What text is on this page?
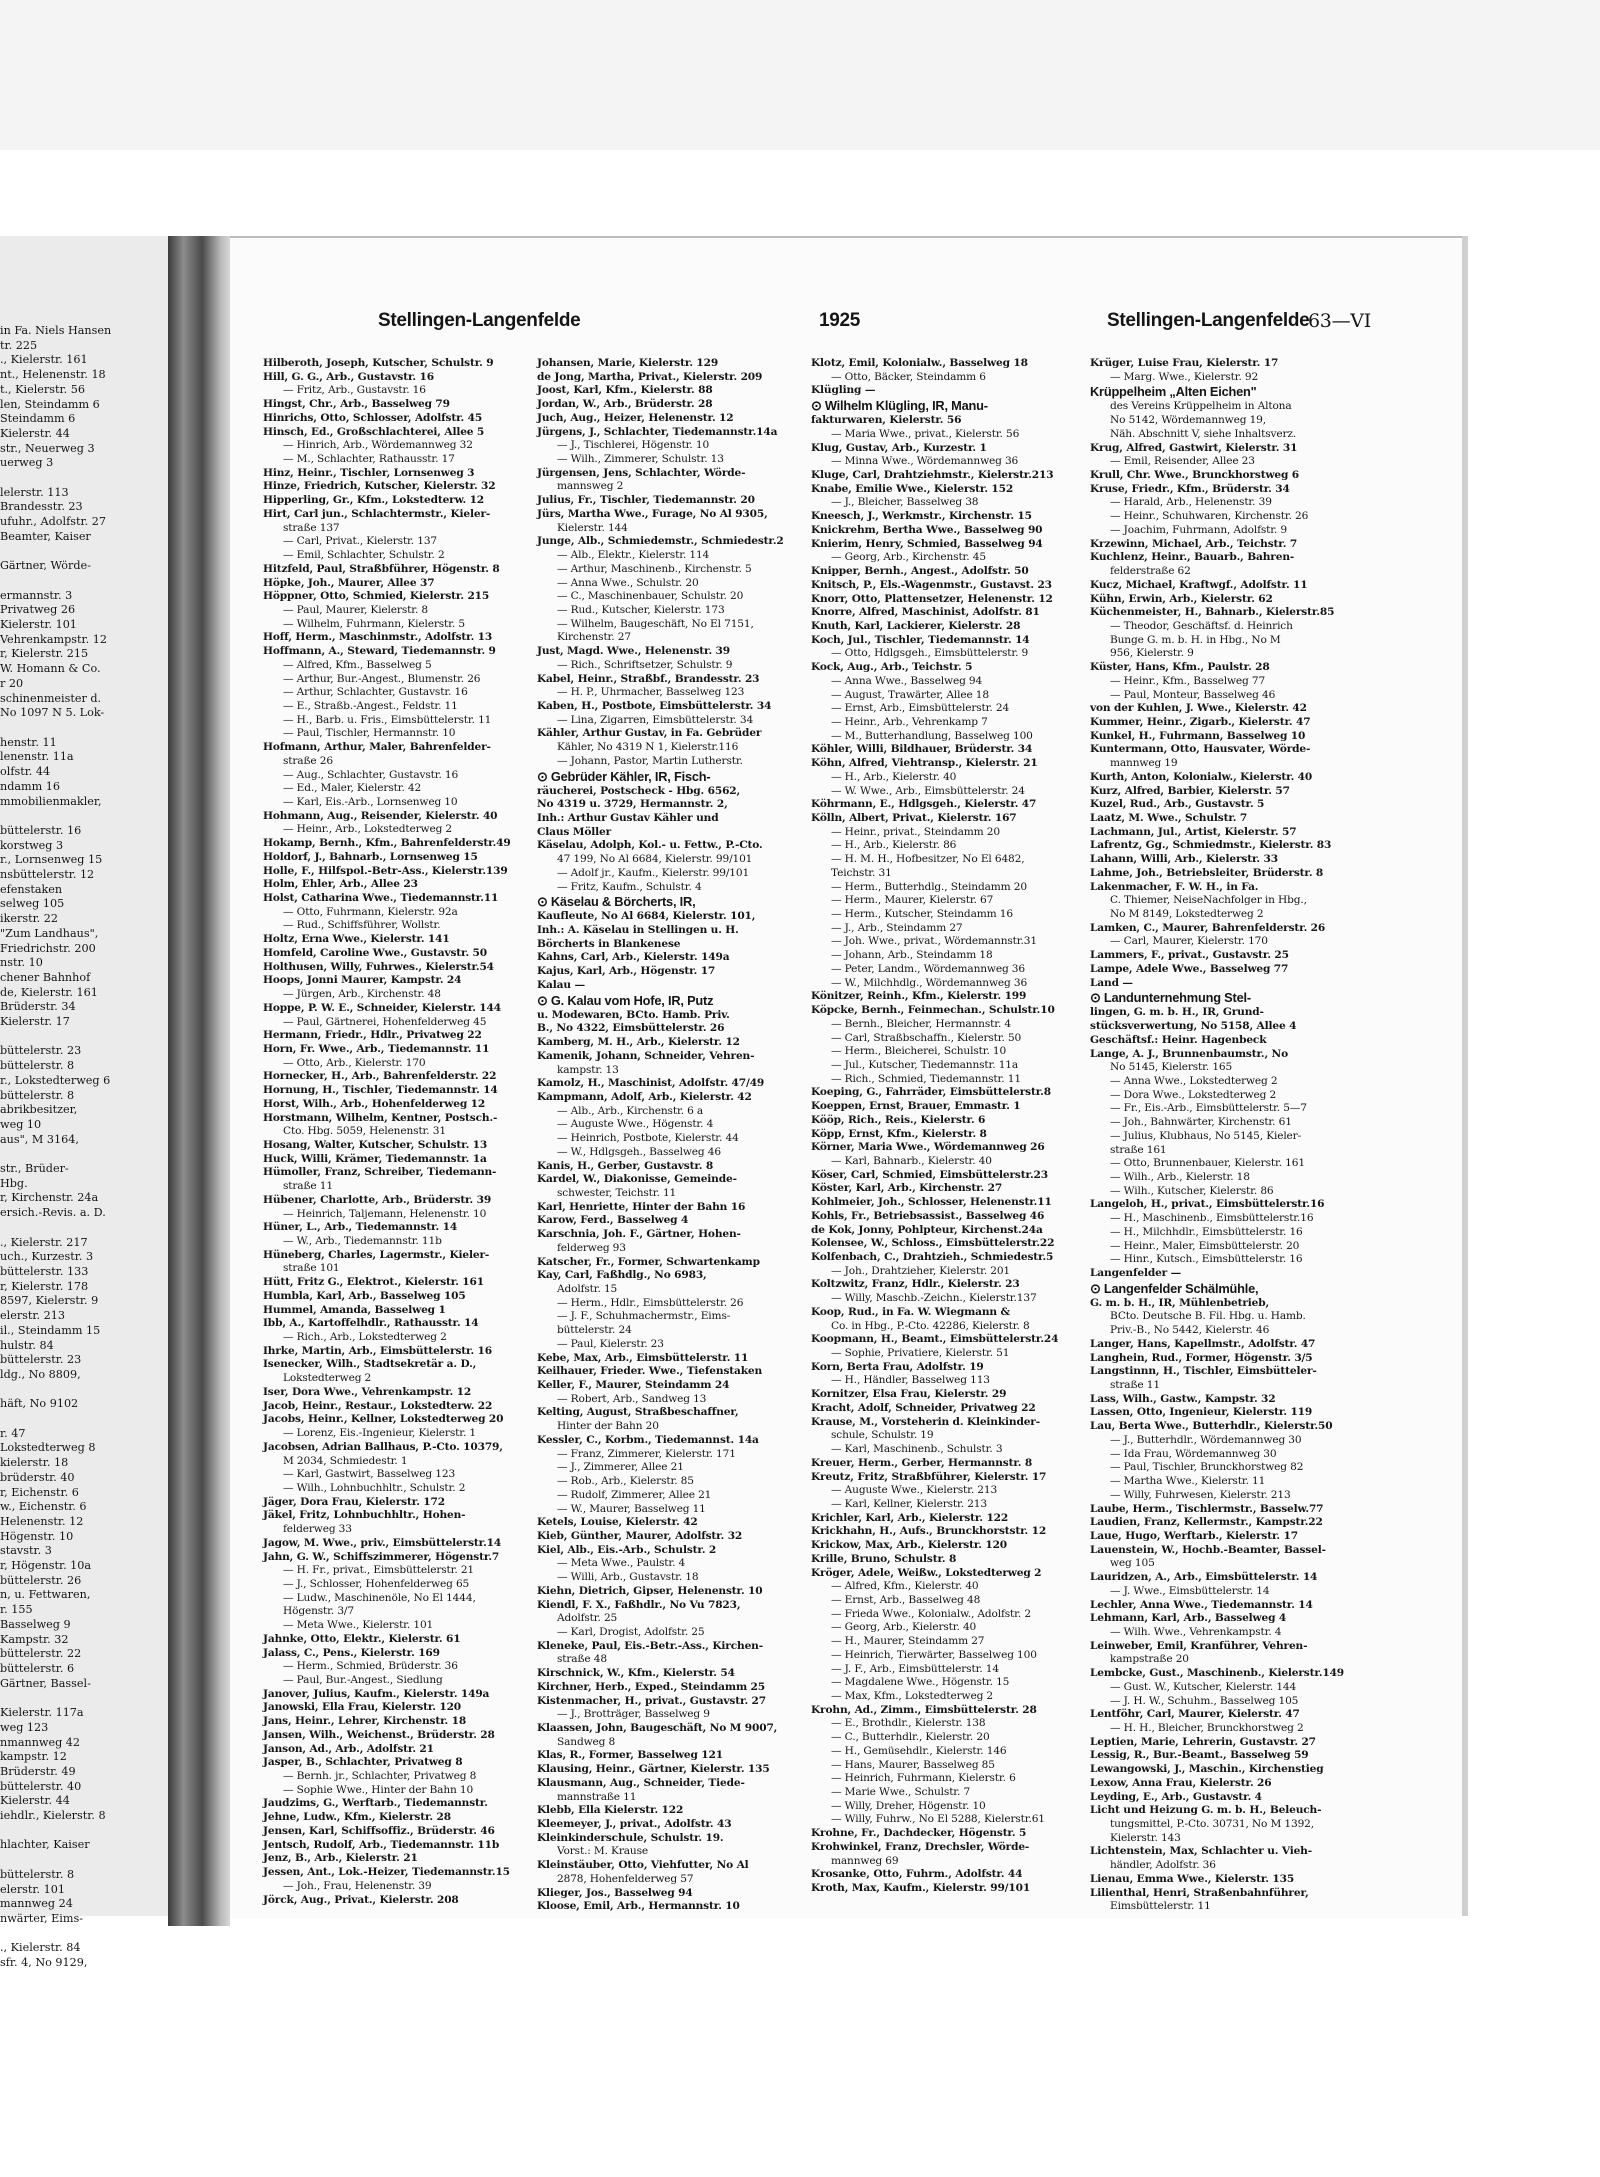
in Fa. Niels Hansen
tr. 225
., Kielerstr. 161
nt., Helenenstr. 18
t., Kielerstr. 56
len, Steindamm 6
Steindamm 6
Kielerstr. 44
str., Neuerweg 3
uerweg 3

lelerstr. 113
Brandesstr. 23
ufuhr., Adolfstr. 27
Beamter, Kaiser

Gärtner, Wörde-

ermannstr. 3
Privatweg 26
Kielerstr. 101
Vehrenkampstr. 12
r, Kielerstr. 215
W. Homann & Co.
r 20
schinenmeister d.
No 1097 N 5. Lok-

henstr. 11
lenenstr. 11a
olfstr. 44
ndamm 16
mmobilienmakler,

büttelerstr. 16
korstweg 3
r., Lornsenweg 15
nsbüttelerstr. 12
efenstaken
selweg 105
ikerstr. 22
"Zum Landhaus",
Friedrichstr. 200
nstr. 10
chener Bahnhof
de, Kielerstr. 161
Brüderstr. 34
Kielerstr. 17

büttelerstr. 23
büttelerstr. 8
r., Lokstedterweg 6
büttelerstr. 8
abrikbesitzer,
weg 10
aus", M 3164,

str., Brüder-
Hbg.
r, Kirchenstr. 24a
ersich.-Revis. a. D.

., Kielerstr. 217
uch., Kurzestr. 3
büttelerstr. 133
r, Kielerstr. 178
8597, Kielerstr. 9
elerstr. 213
il., Steindamm 15
hulstr. 84
büttelerstr. 23
ldg., Nо 8809,

häft, No 9102

r. 47
Lokstedterweg 8
kielerstr. 18
brüderstr. 40
r, Eichenstr. 6
w., Eichenstr. 6
Helenenstr. 12
Högenstr. 10
stavstr. 3
r, Högenstr. 10a
büttelerstr. 26
n, u. Fettwaren,
r. 155
Basselweg 9
Kampstr. 32
büttelerstr. 22
büttelerstr. 6
Gärtner, Bassel-

Kielerstr. 117a
weg 123
nmannweg 42
kampstr. 12
Brüderstr. 49
büttelerstr. 40
Kielerstr. 44
iehdlr., Kielerstr. 8

hlachter, Kaiser

büttelerstr. 8
elerstr. 101
mannweg 24
nwärter, Eims-

., Kielerstr. 84
sfr. 4, No 9129,
Stellingen-Langenfelde	1925	Stellingen-Langenfelde
63—VI
Hilberoth, Joseph, Kutscher, Schulstr. 9
Hill, G. G., Arb., Gustavstr. 16
— Fritz, Arb., Gustavstr. 16
Hingst, Chr., Arb., Basselweg 79
Hinrichs, Otto, Schlosser, Adolfstr. 45
Hinsch, Ed., Großschlachterei, Allee 5
— Hinrich, Arb., Wördemannweg 32
— M., Schlachter, Rathausstr. 17
Hinz, Heinr., Tischler, Lornsenweg 3
Hinze, Friedrich, Kutscher, Kielerstr. 32
Hipperling, Gr., Kfm., Lokstedterw. 12
Hirt, Carl jun., Schlachtermstr., Kieler-
straße 137
— Carl, Privat., Kielerstr. 137
— Emil, Schlachter, Schulstr. 2
Hitzfeld, Paul, Straßbführer, Högenstr. 8
Höpke, Joh., Maurer, Allee 37
Höppner, Otto, Schmied, Kielerstr. 215
— Paul, Maurer, Kielerstr. 8
— Wilhelm, Fuhrmann, Kielerstr. 5
Hoff, Herm., Maschinmstr., Adolfstr. 13
Hoffmann, A., Steward, Tiedemannstr. 9
— Alfred, Kfm., Basselweg 5
— Arthur, Bur.-Angest., Blumenstr. 26
— Arthur, Schlachter, Gustavstr. 16
— E., Straßb.-Angest., Feldstr. 11
— H., Barb. u. Fris., Eimsbüttelerstr. 11
— Paul, Tischler, Hermannstr. 10
Hofmann, Arthur, Maler, Bahrenfelder-
straße 26
— Aug., Schlachter, Gustavstr. 16
— Ed., Maler, Kielerstr. 42
— Karl, Eis.-Arb., Lornsenweg 10
Hohmann, Aug., Reisender, Kielerstr. 40
— Heinr., Arb., Lokstedterweg 2
Hokamp, Bernh., Kfm., Bahrenfelderstr.49
Holdorf, J., Bahnarb., Lornsenweg 15
Holle, F., Hilfspol.-Betr-Ass., Kielerstr.139
Holm, Ehler, Arb., Allee 23
Holst, Catharina Wwe., Tiedemannstr.11
— Otto, Fuhrmann, Kielerstr. 92a
— Rud., Schiffsführer, Wollstr.
Holtz, Erna Wwe., Kielerstr. 141
Homfeld, Caroline Wwe., Gustavstr. 50
Holthusen, Willy, Fuhrwes., Kielerstr.54
Hoops, Jonni Maurer, Kampstr. 24
— Jürgen, Arb., Kirchenstr. 48
Hoppe, P. W. E., Schneider, Kielerstr. 144
— Paul, Gärtnerei, Hohenfelderweg 45
Hermann, Friedr., Hdlr., Privatweg 22
Horn, Fr. Wwe., Arb., Tiedemannstr. 11
— Otto, Arb., Kielerstr. 170
Hornecker, H., Arb., Bahrenfelderstr. 22
Hornung, H., Tischler, Tiedemannstr. 14
Horst, Wilh., Arb., Hohenfelderweg 12
Horstmann, Wilhelm, Kentner, Postsch.-
Cto. Hbg. 5059, Helenenstr. 31
Hosang, Walter, Kutscher, Schulstr. 13
Huck, Willi, Krämer, Tiedemannstr. 1a
Hümoller, Franz, Schreiber, Tiedemann-
straße 11
Hübener, Charlotte, Arb., Brüderstr. 39
— Heinrich, Taljemann, Helenenstr. 10
Hüner, L., Arb., Tiedemannstr. 14
— W., Arb., Tiedemannstr. 11b
Hüneberg, Charles, Lagermstr., Kieler-
straße 101
Hütt, Fritz G., Elektrot., Kielerstr. 161
Humbla, Karl, Arb., Basselweg 105
Hummel, Amanda, Basselweg 1
Ibb, A., Kartoffelhdlr., Rathausstr. 14
— Rich., Arb., Lokstedterweg 2
Ihrke, Martin, Arb., Eimsbüttelerstr. 16
Isenecker, Wilh., Stadtsekretär a. D.,
Lokstedterweg 2
Iser, Dora Wwe., Vehrenkampstr. 12
Jacob, Heinr., Restaur., Lokstedterw. 22
Jacobs, Heinr., Kellner, Lokstedterweg 20
— Lorenz, Eis.-Ingenieur, Kielerstr. 1
Jacobsen, Adrian Ballhaus, P.-Cto. 10379,
M 2034, Schmiedestr. 1
— Karl, Gastwirt, Basselweg 123
— Wilh., Lohnbuchhltr., Schulstr. 2
Jäger, Dora Frau, Kielerstr. 172
Jäkel, Fritz, Lohnbuchhltr., Hohen-
felderweg 33
Jagow, M. Wwe., priv., Eimsbüttelerstr.14
Jahn, G. W., Schiffszimmerer, Högenstr.7
— H. Fr., privat., Eimsbüttelerstr. 21
— J., Schlosser, Hohenfelderweg 65
— Ludw., Maschinenöle, No El 1444,
Högenstr. 3/7
— Meta Wwe., Kielerstr. 101
Jahnke, Otto, Elektr., Kielerstr. 61
Jalass, C., Pens., Kielerstr. 169
— Herm., Schmied, Brüderstr. 36
— Paul, Bur.-Angest., Siedlung
Janover, Julius, Kaufm., Kielerstr. 149a
Janowski, Ella Frau, Kielerstr. 120
Jans, Heinr., Lehrer, Kirchenstr. 18
Jansen, Wilh., Weichenst., Brüderstr. 28
Janson, Ad., Arb., Adolfstr. 21
Jasper, B., Schlachter, Privatweg 8
— Bernh. jr., Schlachter, Privatweg 8
— Sophie Wwe., Hinter der Bahn 10
Jaudzims, G., Werftarb., Tiedemannstr.
Jehne, Ludw., Kfm., Kielerstr. 28
Jensen, Karl, Schiffsoffiz., Brüderstr. 46
Jentsch, Rudolf, Arb., Tiedemannstr. 11b
Jenz, B., Arb., Kielerstr. 21
Jessen, Ant., Lok.-Heizer, Tiedemannstr.15
— Joh., Frau, Helenenstr. 39
Jörck, Aug., Privat., Kielerstr. 208
Johansen, Marie, Kielerstr. 129
de Jong, Martha, Privat., Kielerstr. 209
Joost, Karl, Kfm., Kielerstr. 88
Jordan, W., Arb., Brüderstr. 28
Juch, Aug., Heizer, Helenenstr. 12
Jürgens, J., Schlachter, Tiedemannstr.14a
— J., Tischlerei, Högenstr. 10
— Wilh., Zimmerer, Schulstr. 13
Jürgensen, Jens, Schlachter, Wörde-
mannsweg 2
Julius, Fr., Tischler, Tiedemannstr. 20
Jürs, Martha Wwe., Furage, No Al 9305,
Kielerstr. 144
Junge, Alb., Schmiedemstr., Schmiedestr.2
— Alb., Elektr., Kielerstr. 114
— Arthur, Maschinenb., Kirchenstr. 5
— Anna Wwe., Schulstr. 20
— C., Maschinenbauer, Schulstr. 20
— Rud., Kutscher, Kielerstr. 173
— Wilhelm, Baugeschäft, No El 7151,
Kirchenstr. 27
Just, Magd. Wwe., Helenenstr. 39
— Rich., Schriftsetzer, Schulstr. 9
Kabel, Heinr., Straßbf., Brandesstr. 23
— H. P., Uhrmacher, Basselweg 123
Kaben, H., Postbote, Eimsbüttelerstr. 34
— Lina, Zigarren, Eimsbüttelerstr. 34
Kähler, Arthur Gustav, in Fa. Gebrüder
Kähler, No 4319 N 1, Kielerstr.116
— Johann, Pastor, Martin Lutherstr.
⊙ Gebrüder Kähler, IR, Fisch-
räucherei, Postscheck - Hbg. 6562,
No 4319 u. 3729, Hermannstr. 2,
Inh.: Arthur Gustav Kähler und
Claus Möller
Käselau, Adolph, Kol.- u. Fettw., P.-Cto.
47 199, No Al 6684, Kielerstr. 99/101
— Adolf jr., Kaufm., Kielerstr. 99/101
— Fritz, Kaufm., Schulstr. 4
⊙ Käselau & Börcherts, IR,
Kaufleute, No Al 6684, Kielerstr. 101,
Inh.: A. Käselau in Stellingen u. H.
Börcherts in Blankenese
Kahns, Carl, Arb., Kielerstr. 149a
Kajus, Karl, Arb., Högenstr. 17
Kalau —
⊙ G. Kalau vom Hofe, IR, Putz
u. Modewaren, BCto. Hamb. Priv.
B., No 4322, Eimsbüttelerstr. 26
Kamberg, M. H., Arb., Kielerstr. 12
Kamenik, Johann, Schneider, Vehren-
kampstr. 13
Kamolz, H., Maschinist, Adolfstr. 47/49
Kampmann, Adolf, Arb., Kielerstr. 42
— Alb., Arb., Kirchenstr. 6 a
— Auguste Wwe., Högenstr. 4
— Heinrich, Postbote, Kielerstr. 44
— W., Hdlgsgeh., Basselweg 46
Kanis, H., Gerber, Gustavstr. 8
Kardel, W., Diakonisse, Gemeinde-
schwester, Teichstr. 11
Karl, Henriette, Hinter der Bahn 16
Karow, Ferd., Basselweg 4
Karschnia, Joh. F., Gärtner, Hohen-
felderweg 93
Katscher, Fr., Former, Schwartenkamp
Kay, Carl, Faßhdlg., No 6983,
Adolfstr. 15
— Herm., Hdlr., Eimsbüttelerstr. 26
— J. F., Schuhmachermstr., Eims-
büttelerstr. 24
— Paul, Kielerstr. 23
Kebe, Max, Arb., Eimsbüttelerstr. 11
Keilhauer, Frieder. Wwe., Tiefenstaken
Keller, F., Maurer, Steindamm 24
— Robert, Arb., Sandweg 13
Kelting, August, Straßbeschaffner,
Hinter der Bahn 20
Kessler, C., Korbm., Tiedemannst. 14a
— Franz, Zimmerer, Kielerstr. 171
— J., Zimmerer, Allee 21
— Rob., Arb., Kielerstr. 85
— Rudolf, Zimmerer, Allee 21
— W., Maurer, Basselweg 11
Ketels, Louise, Kielerstr. 42
Kieb, Günther, Maurer, Adolfstr. 32
Kiel, Alb., Eis.-Arb., Schulstr. 2
— Meta Wwe., Paulstr. 4
— Willi, Arb., Gustavstr. 18
Kiehn, Dietrich, Gipser, Helenenstr. 10
Kiendl, F. X., Faßhdlr., No Vu 7823,
Adolfstr. 25
— Karl, Drogist, Adolfstr. 25
Kleneke, Paul, Eis.-Betr.-Ass., Kirchen-
straße 48
Kirschnick, W., Kfm., Kielerstr. 54
Kirchner, Herb., Exped., Steindamm 25
Kistenmacher, H., privat., Gustavstr. 27
— J., Brotträger, Basselweg 9
Klaassen, John, Baugeschäft, No M 9007,
Sandweg 8
Klas, R., Former, Basselweg 121
Klausing, Heinr., Gärtner, Kielerstr. 135
Klausmann, Aug., Schneider, Tiede-
mannstraße 11
Klebb, Ella Kielerstr. 122
Kleemeyer, J., privat., Adolfstr. 43
Kleinkinderschule, Schulstr. 19.
Vorst.: M. Krause
Kleinstäuber, Otto, Viehfutter, No Al
2878, Hohenfelderweg 57
Klieger, Jos., Basselweg 94
Kloose, Emil, Arb., Hermannstr. 10
Klotz, Emil, Kolonialw., Basselweg 18
— Otto, Bäcker, Steindamm 6
Klügling —
⊙ Wilhelm Klügling, IR, Manu-
fakturwaren, Kielerstr. 56
— Maria Wwe., privat., Kielerstr. 56
Klug, Gustav, Arb., Kurzestr. 1
— Minna Wwe., Wördemannweg 36
Kluge, Carl, Drahtziehmstr., Kielerstr.213
Knabe, Emilie Wwe., Kielerstr. 152
— J., Bleicher, Basselweg 38
Kneesch, J., Werkmstr., Kirchenstr. 15
Knickrehm, Bertha Wwe., Basselweg 90
Knierim, Henry, Schmied, Basselweg 94
— Georg, Arb., Kirchenstr. 45
Knipper, Bernh., Angest., Adolfstr. 50
Knitsch, P., Els.-Wagenmstr., Gustavst. 23
Knorr, Otto, Plattensetzer, Helenenstr. 12
Knorre, Alfred, Maschinist, Adolfstr. 81
Knuth, Karl, Lackierer, Kielerstr. 28
Koch, Jul., Tischler, Tiedemannstr. 14
— Otto, Hdlgsgeh., Eimsbüttelerstr. 9
Kock, Aug., Arb., Teichstr. 5
— Anna Wwe., Basselweg 94
— August, Trawärter, Allee 18
— Ernst, Arb., Eimsbüttelerstr. 24
— Heinr., Arb., Vehrenkamp 7
— M., Butterhandlung, Basselweg 100
Köhler, Willi, Bildhauer, Brüderstr. 34
Köhn, Alfred, Viehtransp., Kielerstr. 21
— H., Arb., Kielerstr. 40
— W. Wwe., Arb., Eimsbüttelerstr. 24
Köhrmann, E., Hdlgsgeh., Kielerstr. 47
Kölln, Albert, Privat., Kielerstr. 167
— Heinr., privat., Steindamm 20
— H., Arb., Kielerstr. 86
— H. M. H., Hofbesitzer, No El 6482,
Teichstr. 31
— Herm., Butterhdlg., Steindamm 20
— Herm., Maurer, Kielerstr. 67
— Herm., Kutscher, Steindamm 16
— J., Arb., Steindamm 27
— Joh. Wwe., privat., Wördemannstr.31
— Johann, Arb., Steindamm 18
— Peter, Landm., Wördemannweg 36
— W., Milchhdlg., Wördemannweg 36
Könitzer, Reinh., Kfm., Kielerstr. 199
Köpcke, Bernh., Feinmechan., Schulstr.10
— Bernh., Bleicher, Hermannstr. 4
— Carl, Straßbschaffn., Kielerstr. 50
— Herm., Bleicherei, Schulstr. 10
— Jul., Kutscher, Tiedemannstr. 11a
— Rich., Schmied, Tiedemannstr. 11
Koeping, G., Fahrräder, Eimsbüttelerstr.8
Koeppen, Ernst, Brauer, Emmastr. 1
Kööp, Rich., Reis., Kielerstr. 6
Köpp, Ernst, Kfm., Kielerstr. 8
Körner, Maria Wwe., Wördemannweg 26
— Karl, Bahnarb., Kielerstr. 40
Köser, Carl, Schmied, Eimsbüttelerstr.23
Köster, Karl, Arb., Kirchenstr. 27
Kohlmeier, Joh., Schlosser, Helenenstr.11
Kohls, Fr., Betriebsassist., Basselweg 46
de Kok, Jonny, Pohlpteur, Kirchenst.24a
Kolensee, W., Schloss., Eimsbüttelerstr.22
Kolfenbach, C., Drahtzieh., Schmiedestr.5
— Joh., Drahtzieher, Kielerstr. 201
Koltzwitz, Franz, Hdlr., Kielerstr. 23
— Willy, Maschb.-Zeichn., Kielerstr.137
Koop, Rud., in Fa. W. Wiegmann &
Co. in Hbg., P.-Cto. 42286, Kielerstr. 8
Koopmann, H., Beamt., Eimsbüttelerstr.24
— Sophie, Privatiere, Kielerstr. 51
Korn, Berta Frau, Adolfstr. 19
— H., Händler, Basselweg 113
Kornitzer, Elsa Frau, Kielerstr. 29
Kracht, Adolf, Schneider, Privatweg 22
Krause, M., Vorsteherin d. Kleinkinder-
schule, Schulstr. 19
— Karl, Maschinenb., Schulstr. 3
Kreuer, Herm., Gerber, Hermannstr. 8
Kreutz, Fritz, Straßbführer, Kielerstr. 17
— Auguste Wwe., Kielerstr. 213
— Karl, Kellner, Kielerstr. 213
Krichler, Karl, Arb., Kielerstr. 122
Krickhahn, H., Aufs., Brunckhorststr. 12
Krickow, Max, Arb., Kielerstr. 120
Krille, Bruno, Schulstr. 8
Kröger, Adele, Weißw., Lokstedterweg 2
— Alfred, Kfm., Kielerstr. 40
— Ernst, Arb., Basselweg 48
— Frieda Wwe., Kolonialw., Adolfstr. 2
— Georg, Arb., Kielerstr. 40
— H., Maurer, Steindamm 27
— Heinrich, Tierwärter, Basselweg 100
— J. F., Arb., Eimsbüttelerstr. 14
— Magdalene Wwe., Högenstr. 15
— Max, Kfm., Lokstedterweg 2
Krohn, Ad., Zimm., Eimsbüttelerstr. 28
— E., Brothdlr., Kielerstr. 138
— C., Butterhdlr., Kielerstr. 20
— H., Gemüsehdlr., Kielerstr. 146
— Hans, Maurer, Basselweg 85
— Heinrich, Fuhrmann, Kielerstr. 6
— Marie Wwe., Schulstr. 7
— Willy, Dreher, Högenstr. 10
— Willy, Fuhrw., No El 5288, Kielerstr.61
Krohne, Fr., Dachdecker, Högenstr. 5
Krohwinkel, Franz, Drechsler, Wörde-
mannweg 69
Krosanke, Otto, Fuhrm., Adolfstr. 44
Kroth, Max, Kaufm., Kielerstr. 99/101
Krüger, Luise Frau, Kielerstr. 17
— Marg. Wwe., Kielerstr. 92
Krüppelheim „Alten Eichen"
des Vereins Krüppelheim in Altona
No 5142, Wördemannweg 19,
Näh. Abschnitt V, siehe Inhaltsverz.
Krug, Alfred, Gastwirt, Kielerstr. 31
— Emil, Reisender, Allee 23
Krull, Chr. Wwe., Brunckhorstweg 6
Kruse, Friedr., Kfm., Brüderstr. 34
— Harald, Arb., Helenenstr. 39
— Heinr., Schuhwaren, Kirchenstr. 26
— Joachim, Fuhrmann, Adolfstr. 9
Krzewinn, Michael, Arb., Teichstr. 7
Kuchlenz, Heinr., Bauarb., Bahren-
felderstraße 62
Kucz, Michael, Kraftwgf., Adolfstr. 11
Kühn, Erwin, Arb., Kielerstr. 62
Küchenmeister, H., Bahnarb., Kielerstr.85
— Theodor, Geschäftsf. d. Heinrich
Bunge G. m. b. H. in Hbg., No M
956, Kielerstr. 9
Küster, Hans, Kfm., Paulstr. 28
— Heinr., Kfm., Basselweg 77
— Paul, Monteur, Basselweg 46
von der Kuhlen, J. Wwe., Kielerstr. 42
Kummer, Heinr., Zigarb., Kielerstr. 47
Kunkel, H., Fuhrmann, Basselweg 10
Kuntermann, Otto, Hausvater, Wörde-
mannweg 19
Kurth, Anton, Kolonialw., Kielerstr. 40
Kurz, Alfred, Barbier, Kielerstr. 57
Kuzel, Rud., Arb., Gustavstr. 5
Laatz, M. Wwe., Schulstr. 7
Lachmann, Jul., Artist, Kielerstr. 57
Lafrentz, Gg., Schmiedmstr., Kielerstr. 83
Lahann, Willi, Arb., Kielerstr. 33
Lahme, Joh., Betriebsleiter, Brüderstr. 8
Lakenmacher, F. W. H., in Fa.
C. Thiemer, NeiseNachfolger in Hbg.,
No M 8149, Lokstedterweg 2
Lamken, C., Maurer, Bahrenfelderstr. 26
— Carl, Maurer, Kielerstr. 170
Lammers, F., privat., Gustavstr. 25
Lampe, Adele Wwe., Basselweg 77
Land —
⊙ Landunternehmung Stel-
lingen, G. m. b. H., IR, Grund-
stücksverwertung, No 5158, Allee 4
Geschäftsf.: Heinr. Hagenbeck
Lange, A. J., Brunnenbaumstr., No
No 5145, Kielerstr. 165
— Anna Wwe., Lokstedterweg 2
— Dora Wwe., Lokstedterweg 2
— Fr., Eis.-Arb., Eimsbüttelerstr. 5—7
— Joh., Bahnwärter, Kirchenstr. 61
— Julius, Klubhaus, No 5145, Kieler-
straße 161
— Otto, Brunnenbauer, Kielerstr. 161
— Wilh., Arb., Kielerstr. 18
— Wilh., Kutscher, Kielerstr. 86
Langeloh, H., privat., Eimsbüttelerstr.16
— H., Maschinenb., Eimsbüttelerstr.16
— H., Milchhdlr., Eimsbüttelerstr. 16
— Heinr., Maler, Eimsbüttelerstr. 20
— Hinr., Kutsch., Eimsbüttelerstr. 16
Langenfelder —
⊙ Langenfelder Schälmühle,
G. m. b. H., IR, Mühlenbetrieb,
BCto. Deutsche B. Fil. Hbg. u. Hamb.
Priv.-B., No 5442, Kielerstr. 46
Langer, Hans, Kapellmstr., Adolfstr. 47
Langhein, Rud., Former, Högenstr. 3/5
Langstinnn, H., Tischler, Eimsbütteler-
straße 11
Lass, Wilh., Gastw., Kampstr. 32
Lassen, Otto, Ingenieur, Kielerstr. 119
Lau, Berta Wwe., Butterhdlr., Kielerstr.50
— J., Butterhdlr., Wördemannweg 30
— Ida Frau, Wördemannweg 30
— Paul, Tischler, Brunckhorstweg 82
— Martha Wwe., Kielerstr. 11
— Willy, Fuhrwesen, Kielerstr. 213
Laube, Herm., Tischlermstr., Basselw.77
Laudien, Franz, Kellermstr., Kampstr.22
Laue, Hugo, Werftarb., Kielerstr. 17
Lauenstein, W., Hochb.-Beamter, Bassel-
weg 105
Lauridzen, A., Arb., Eimsbüttelerstr. 14
— J. Wwe., Eimsbüttelerstr. 14
Lechler, Anna Wwe., Tiedemannstr. 14
Lehmann, Karl, Arb., Basselweg 4
— Wilh. Wwe., Vehrenkampstr. 4
Leinweber, Emil, Kranführer, Vehren-
kampstraße 20
Lembcke, Gust., Maschinenb., Kielerstr.149
— Gust. W., Kutscher, Kielerstr. 144
— J. H. W., Schuhm., Basselweg 105
Lentföhr, Carl, Maurer, Kielerstr. 47
— H. H., Bleicher, Brunckhorstweg 2
Leptien, Marie, Lehrerin, Gustavstr. 27
Lessig, R., Bur.-Beamt., Basselweg 59
Lewangowski, J., Maschin., Kirchenstieg
Lexow, Anna Frau, Kielerstr. 26
Leyding, E., Arb., Gustavstr. 4
Licht und Heizung G. m. b. H., Beleuch-
tungsmittel, P.-Cto. 30731, No M 1392,
Kielerstr. 143
Lichtenstein, Max, Schlachter u. Vieh-
händler, Adolfstr. 36
Lienau, Emma Wwe., Kielerstr. 135
Lilienthal, Henri, Straßenbahnführer,
Eimsbüttelerstr. 11
